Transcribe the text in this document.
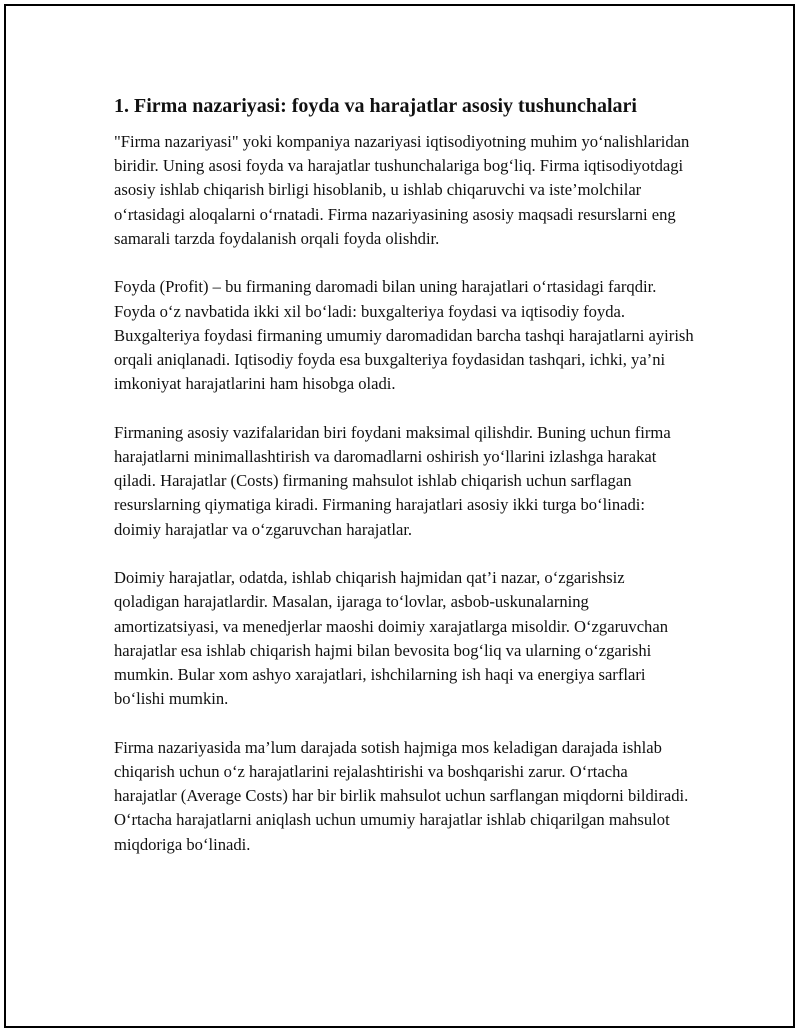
1. Firma nazariyasi: foyda va harajatlar asosiy tushunchalari

"Firma nazariyasi" yoki kompaniya nazariyasi iqtisodiyotning muhim yo‘nalishlaridan biridir. Uning asosi foyda va harajatlar tushunchalariga bog‘liq. Firma iqtisodiyotdagi asosiy ishlab chiqarish birligi hisoblanib, u ishlab chiqaruvchi va iste’molchilar o‘rtasidagi aloqalarni o‘rnatadi. Firma nazariyasining asosiy maqsadi resurslarni eng samarali tarzda foydalanish orqali foyda olishdir.

Foyda (Profit) – bu firmaning daromadi bilan uning harajatlari o‘rtasidagi farqdir. Foyda o‘z navbatida ikki xil bo‘ladi: buxgalteriya foydasi va iqtisodiy foyda. Buxgalteriya foydasi firmaning umumiy daromadidan barcha tashqi harajatlarni ayirish orqali aniqlanadi. Iqtisodiy foyda esa buxgalteriya foydasidan tashqari, ichki, ya’ni imkoniyat harajatlarini ham hisobga oladi.

Firmaning asosiy vazifalaridan biri foydani maksimal qilishdir. Buning uchun firma harajatlarni minimallashtirish va daromadlarni oshirish yo‘llarini izlashga harakat qiladi. Harajatlar (Costs) firmaning mahsulot ishlab chiqarish uchun sarflagan resurslarning qiymatiga kiradi. Firmaning harajatlari asosiy ikki turga bo‘linadi: doimiy harajatlar va o‘zgaruvchan harajatlar.

Doimiy harajatlar, odatda, ishlab chiqarish hajmidan qat’i nazar, o‘zgarishsiz qoladigan harajatlardir. Masalan, ijaraga to‘lovlar, asbob-uskunalarning amortizatsiyasi, va menedjerlar maoshi doimiy xarajatlarga misoldir. O‘zgaruvchan harajatlar esa ishlab chiqarish hajmi bilan bevosita bog‘liq va ularning o‘zgarishi mumkin. Bular xom ashyo xarajatlari, ishchilarning ish haqi va energiya sarflari bo‘lishi mumkin.

Firma nazariyasida ma’lum darajada sotish hajmiga mos keladigan darajada ishlab chiqarish uchun o‘z harajatlarini rejalashtirishi va boshqarishi zarur. O‘rtacha harajatlar (Average Costs) har bir birlik mahsulot uchun sarflangan miqdorni bildiradi. O‘rtacha harajatlarni aniqlash uchun umumiy harajatlar ishlab chiqarilgan mahsulot miqdoriga bo‘linadi.
